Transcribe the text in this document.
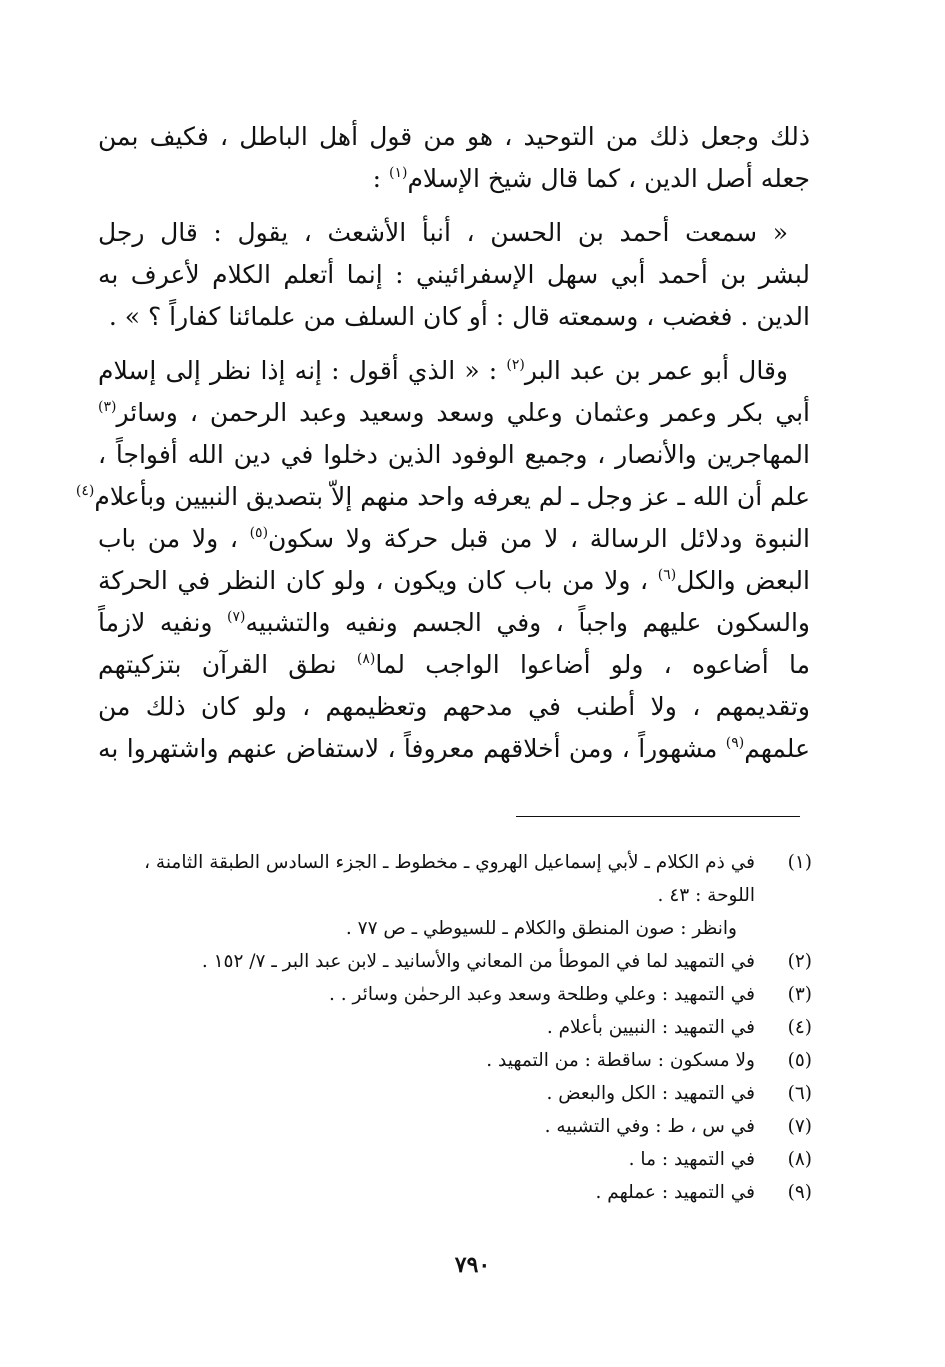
ذلك وجعل ذلك من التوحيد ، هو من قول أهل الباطل ، فكيف بمن
جعله أصل الدين ، كما قال شيخ الإسلام$^{(١)}$ :
« سمعت أحمد بن الحسن ، أنبأ الأشعث ، يقول : قال رجل
لبشر بن أحمد أبي سهل الإسفرائيني : إنما أتعلم الكلام لأعرف به
الدين . فغضب ، وسمعته قال : أو كان السلف من علمائنا كفاراً ؟ » .
وقال أبو عمر بن عبد البر$^{(٢)}$ : « الذي أقول : إنه إذا نظر إلى إسلام
أبي بكر وعمر وعثمان وعلي وسعد وسعيد وعبد الرحمن ، وسائر$^{(٣)}$
المهاجرين والأنصار ، وجميع الوفود الذين دخلوا في دين الله أفواجاً ،
علم أن الله ـ عز وجل ـ لم يعرفه واحد منهم إلاّ بتصديق النبيين وبأعلام$^{(٤)}$
النبوة ودلائل الرسالة ، لا من قبل حركة ولا سكون$^{(٥)}$ ، ولا من باب
البعض والكل$^{(٦)}$ ، ولا من باب كان ويكون ، ولو كان النظر في الحركة
والسكون عليهم واجباً ، وفي الجسم ونفيه والتشبيه$^{(٧)}$ ونفيه لازماً
ما أضاعوه ، ولو أضاعوا الواجب لما$^{(٨)}$ نطق القرآن بتزكيتهم
وتقديمهم ، ولا أطنب في مدحهم وتعظيمهم ، ولو كان ذلك من
علمهم$^{(٩)}$ مشهوراً ، ومن أخلاقهم معروفاً ، لاستفاض عنهم واشتهروا به
(١)
في ذم الكلام ـ لأبي إسماعيل الهروي ـ مخطوط ـ الجزء السادس الطبقة الثامنة ،
اللوحة : ٤٣ .
وانظر : صون المنطق والكلام ـ للسيوطي ـ ص ٧٧ .
(٢)
في التمهيد لما في الموطأ من المعاني والأسانيد ـ لابن عبد البر ـ ٧/ ١٥٢ .
(٣)
في التمهيد : وعلي وطلحة وسعد وعبد الرحمٰن وسائر . .
(٤)
في التمهيد : النبيين بأعلام .
(٥)
ولا مسكون : ساقطة : من التمهيد .
(٦)
في التمهيد : الكل والبعض .
(٧)
في س ، ط : وفي التشبيه .
(٨)
في التمهيد : ما .
(٩)
في التمهيد : عملهم .
٧٩٠
